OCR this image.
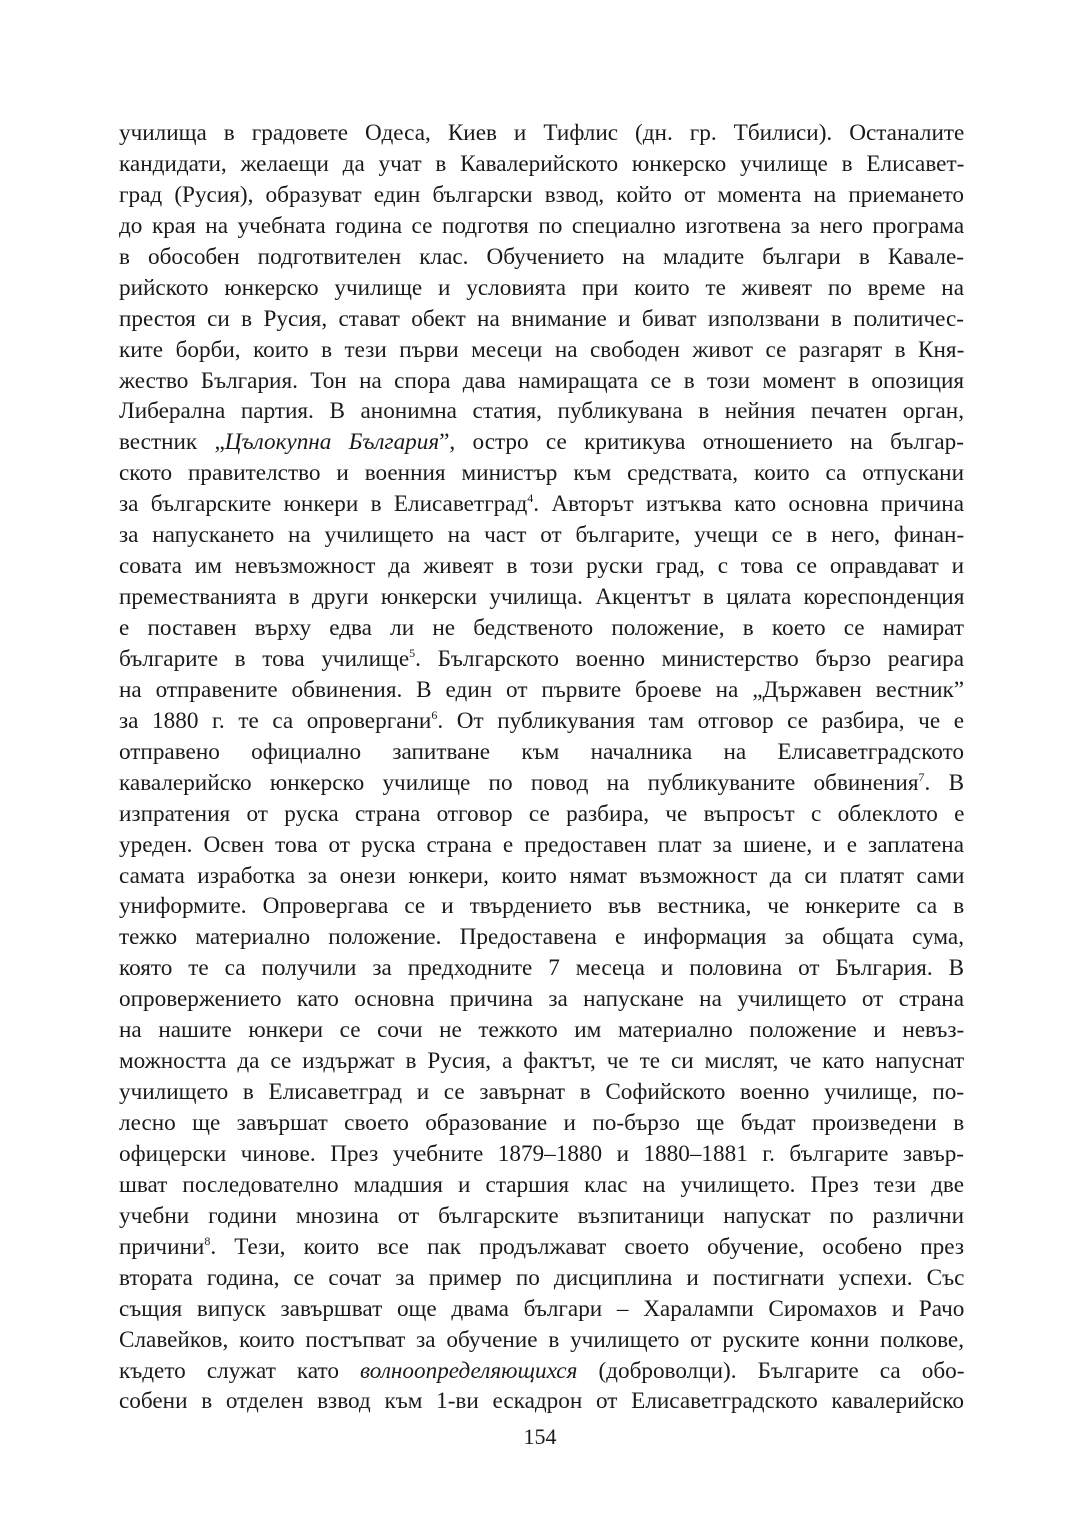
училища в градовете Одеса, Киев и Тифлис (дн. гр. Тбилиси). Останалите
кандидати, желаещи да учат в Кавалерийското юнкерско училище в Елисавет-
град (Русия), образуват един български взвод, който от момента на приемането
до края на учебната година се подготвя по специално изготвена за него програма
в обособен подготвителен клас. Обучението на младите българи в Кавале-
рийското юнкерско училище и условията при които те живеят по време на
престоя си в Русия, стават обект на внимание и биват използвани в политичес-
ките борби, които в тези първи месеци на свободен живот се разгарят в Кня-
жество България. Тон на спора дава намиращата се в този момент в опозиция
Либерална партия. В анонимна статия, публикувана в нейния печатен орган,
вестник „Цълокупна България”, остро се критикува отношението на българ-
ското правителство и военния министър към средствата, които са отпускани
за българските юнкери в Елисаветград$^4$. Авторът изтъква като основна причина
за напускането на училището на част от българите, учещи се в него, финан-
совата им невъзможност да живеят в този руски град, с това се оправдават и
преместванията в други юнкерски училища. Акцентът в цялата кореспонденция
е поставен върху едва ли не бедственото положение, в което се намират
българите в това училище$^5$. Българското военно министерство бързо реагира
на отправените обвинения. В един от първите броеве на „Държавен вестник”
за 1880 г. те са опровергани$^6$. От публикувания там отговор се разбира, че е
отправено официално запитване към началника на Елисаветградското
кавалерийско юнкерско училище по повод на публикуваните обвинения$^7$. В
изпратения от руска страна отговор се разбира, че въпросът с облеклото е
уреден. Освен това от руска страна е предоставен плат за шиене, и е заплатена
самата изработка за онези юнкери, които нямат възможност да си платят сами
униформите. Опровергава се и твърдението във вестника, че юнкерите са в
тежко материално положение. Предоставена е информация за общата сума,
която те са получили за предходните 7 месеца и половина от България. В
опровержението като основна причина за напускане на училището от страна
на нашите юнкери се сочи не тежкото им материално положение и невъз-
можността да се издържат в Русия, а фактът, че те си мислят, че като напуснат
училището в Елисаветград и се завърнат в Софийското военно училище, по-
лесно ще завършат своето образование и по-бързо ще бъдат произведени в
офицерски чинове. През учебните 1879–1880 и 1880–1881 г. българите завър-
шват последователно младшия и старшия клас на училището. През тези две
учебни години мнозина от българските възпитаници напускат по различни
причини$^8$. Тези, които все пак продължават своето обучение, особено през
втората година, се сочат за пример по дисциплина и постигнати успехи. Със
същия випуск завършват още двама българи – Харалампи Сиромахов и Рачо
Славейков, които постъпват за обучение в училището от руските конни полкове,
където служат като волноопределяющихся (доброволци). Българите са обо-
собени в отделен взвод към 1-ви ескадрон от Елисаветградското кавалерийско
154
